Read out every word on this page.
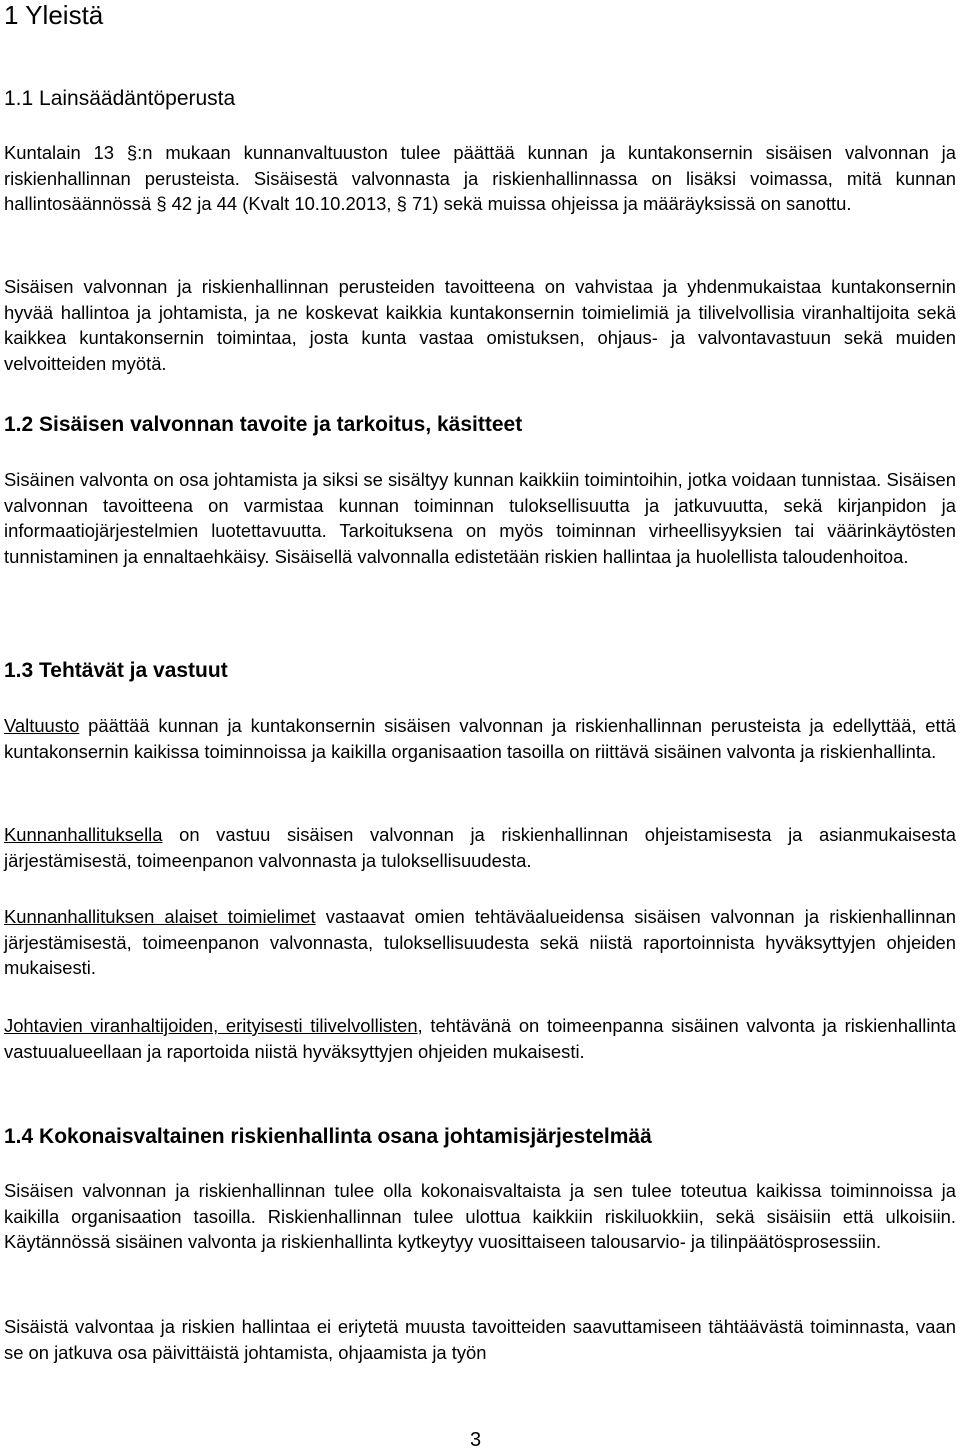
1 Yleistä
1.1 Lainsäädäntöperusta

Kuntalain 13 §:n mukaan kunnanvaltuuston tulee päättää kunnan ja kuntakonsernin sisäisen valvonnan ja riskienhallinnan perusteista. Sisäisestä valvonnasta ja riskienhallinnassa on lisäksi voimassa, mitä kunnan hallintosäännössä § 42 ja 44 (Kvalt 10.10.2013, § 71) sekä muissa ohjeissa ja määräyksissä on sanottu.

Sisäisen valvonnan ja riskienhallinnan perusteiden tavoitteena on vahvistaa ja yhdenmukaistaa kuntakonsernin hyvää hallintoa ja johtamista, ja ne koskevat kaikkia kuntakonsernin toimielimiä ja tilivelvollisia viranhaltijoita sekä kaikkea kuntakonsernin toimintaa, josta kunta vastaa omistuksen, ohjaus- ja valvontavastuun sekä muiden velvoitteiden myötä.

1.2 Sisäisen valvonnan tavoite ja tarkoitus, käsitteet

Sisäinen valvonta on osa johtamista ja siksi se sisältyy kunnan kaikkiin toimintoihin, jotka voidaan tunnistaa. Sisäisen valvonnan tavoitteena on varmistaa kunnan toiminnan tuloksellisuutta ja jatkuvuutta, sekä kirjanpidon ja informaatiojärjestelmien luotettavuutta. Tarkoituksena on myös toiminnan virheellisyyksien tai väärinkäytösten tunnistaminen ja ennaltaehkäisy. Sisäisellä valvonnalla edistetään riskien hallintaa ja huolellista taloudenhoitoa.

1.3 Tehtävät ja vastuut

Valtuusto päättää kunnan ja kuntakonsernin sisäisen valvonnan ja riskienhallinnan perusteista ja edellyttää, että kuntakonsernin kaikissa toiminnoissa ja kaikilla organisaation tasoilla on riittävä sisäinen valvonta ja riskienhallinta.

Kunnanhallituksella on vastuu sisäisen valvonnan ja riskienhallinnan ohjeistamisesta ja asianmukaisesta järjestämisestä, toimeenpanon valvonnasta ja tuloksellisuudesta.

Kunnanhallituksen alaiset toimielimet vastaavat omien tehtäväalueidensa sisäisen valvonnan ja riskienhallinnan järjestämisestä, toimeenpanon valvonnasta, tuloksellisuudesta sekä niistä raportoinnista hyväksyttyjen ohjeiden mukaisesti.

Johtavien viranhaltijoiden, erityisesti tilivelvollisten, tehtävänä on toimeenpanna sisäinen valvonta ja riskienhallinta vastuualueellaan ja raportoida niistä hyväksyttyjen ohjeiden mukaisesti.

1.4 Kokonaisvaltainen riskienhallinta osana johtamisjärjestelmää

Sisäisen valvonnan ja riskienhallinnan tulee olla kokonaisvaltaista ja sen tulee toteutua kaikissa toiminnoissa ja kaikilla organisaation tasoilla. Riskienhallinnan tulee ulottua kaikkiin riskiluokkiin, sekä sisäisiin että ulkoisiin. Käytännössä sisäinen valvonta ja riskienhallinta kytkeytyy vuosittaiseen talousarvio- ja tilinpäätösprosessiin.

Sisäistä valvontaa ja riskien hallintaa ei eriytetä muusta tavoitteiden saavuttamiseen tähtäävästä toiminnasta, vaan se on jatkuva osa päivittäistä johtamista, ohjaamista ja työn

3
